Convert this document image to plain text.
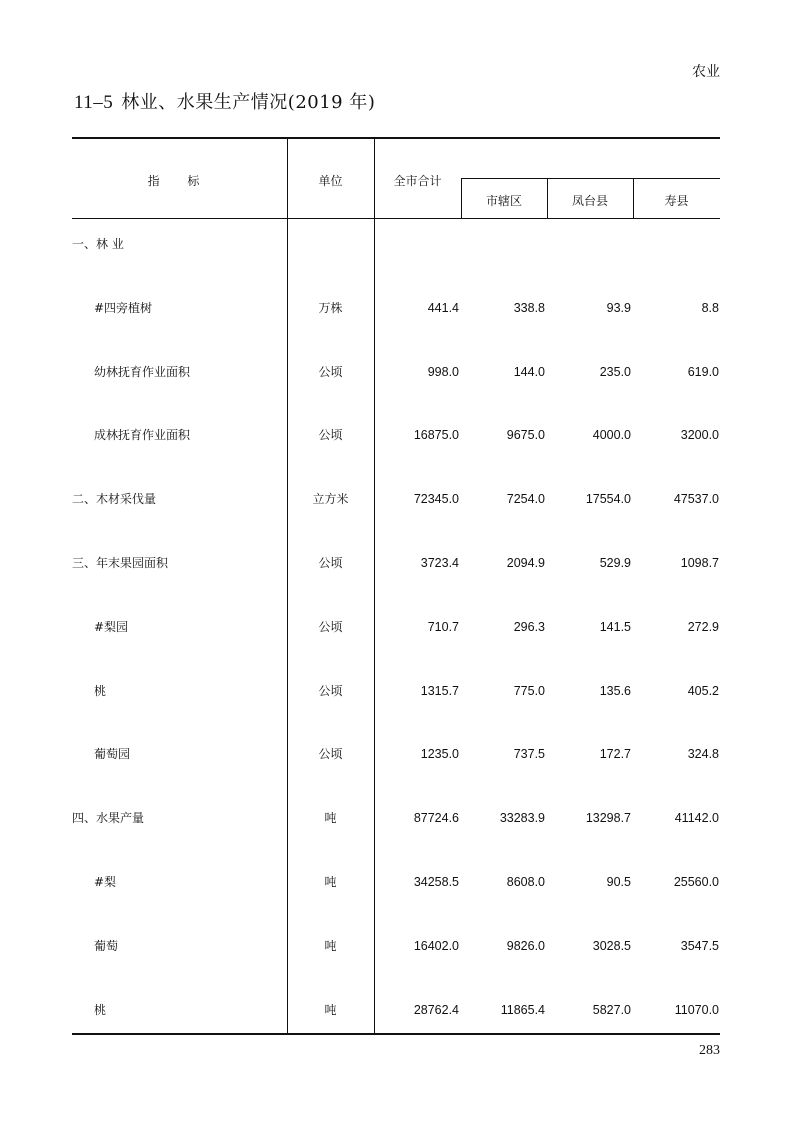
农业
11–5 林业、水果生产情况(2019 年)
指 标	单位	全市合计
市辖区	凤台县	寿县
一、林 业
#四旁植树	万株	441.4	338.8	93.9	8.8
幼林抚育作业面积	公顷	998.0	144.0	235.0	619.0
成林抚育作业面积	公顷	16875.0	9675.0	4000.0	3200.0
二、木材采伐量	立方米	72345.0	7254.0	17554.0	47537.0
三、年末果园面积	公顷	3723.4	2094.9	529.9	1098.7
#梨园	公顷	710.7	296.3	141.5	272.9
桃	公顷	1315.7	775.0	135.6	405.2
葡萄园	公顷	1235.0	737.5	172.7	324.8
四、水果产量	吨	87724.6	33283.9	13298.7	41142.0
#梨	吨	34258.5	8608.0	90.5	25560.0
葡萄	吨	16402.0	9826.0	3028.5	3547.5
桃	吨	28762.4	11865.4	5827.0	11070.0
283
